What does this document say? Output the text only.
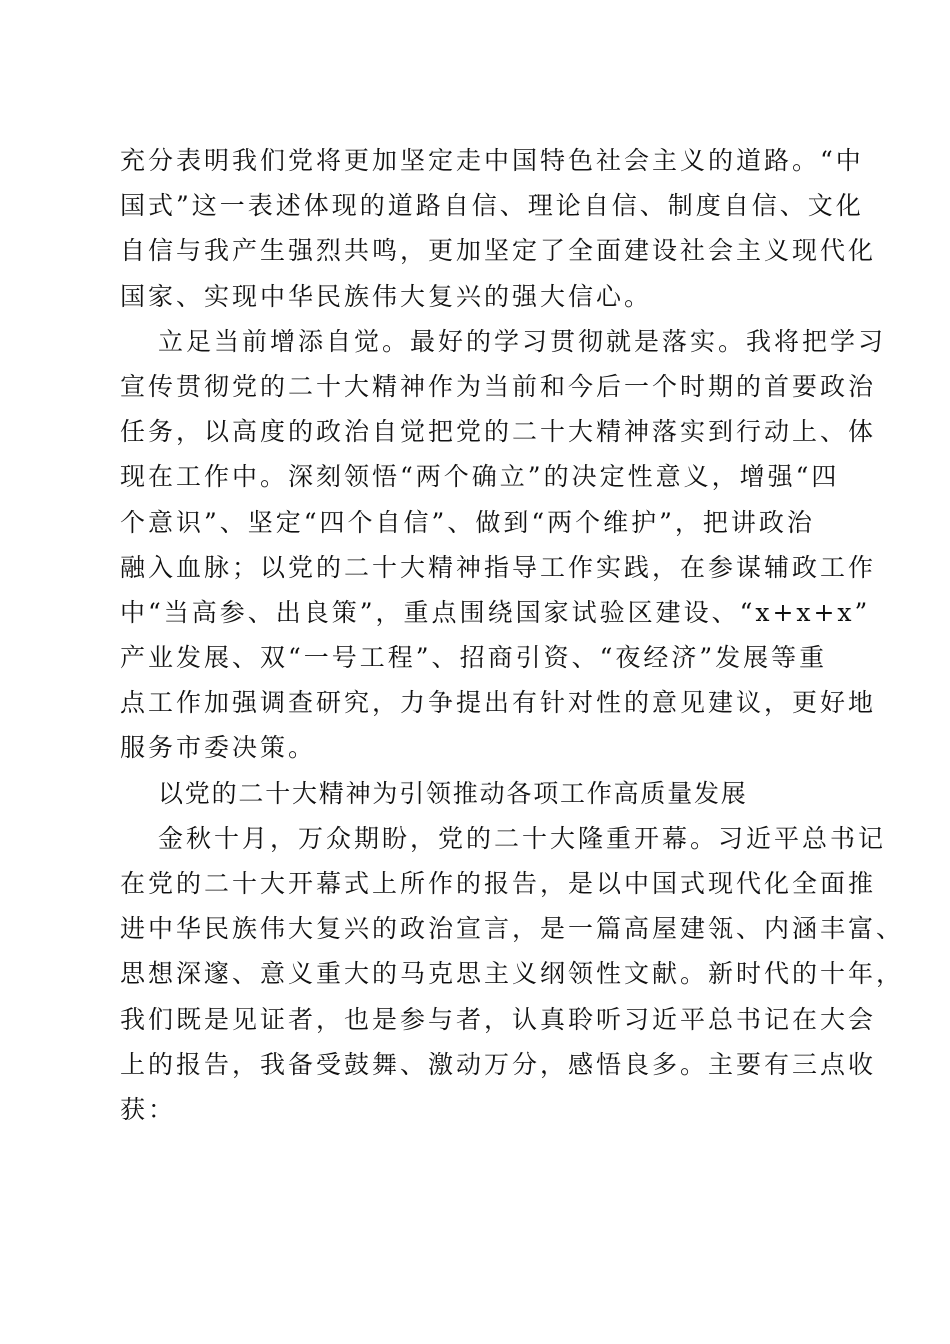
充分表明我们党将更加坚定走中国特色社会主义的道路。“中
国式”这一表述体现的道路自信、理论自信、制度自信、文化
自信与我产生强烈共鸣，更加坚定了全面建设社会主义现代化
国家、实现中华民族伟大复兴的强大信心。
立足当前增添自觉。最好的学习贯彻就是落实。我将把学习
宣传贯彻党的二十大精神作为当前和今后一个时期的首要政治
任务，以高度的政治自觉把党的二十大精神落实到行动上、体
现在工作中。深刻领悟“两个确立”的决定性意义，增强“四
个意识”、坚定“四个自信”、做到“两个维护”，把讲政治
融入血脉；以党的二十大精神指导工作实践，在参谋辅政工作
中“当高参、出良策”，重点围绕国家试验区建设、“x+x+x”
产业发展、双“一号工程”、招商引资、“夜经济”发展等重
点工作加强调查研究，力争提出有针对性的意见建议，更好地
服务市委决策。
以党的二十大精神为引领推动各项工作高质量发展
金秋十月，万众期盼，党的二十大隆重开幕。习近平总书记
在党的二十大开幕式上所作的报告，是以中国式现代化全面推
进中华民族伟大复兴的政治宣言，是一篇高屋建瓴、内涵丰富、
思想深邃、意义重大的马克思主义纲领性文献。新时代的十年，
我们既是见证者，也是参与者，认真聆听习近平总书记在大会
上的报告，我备受鼓舞、激动万分，感悟良多。主要有三点收
获：
